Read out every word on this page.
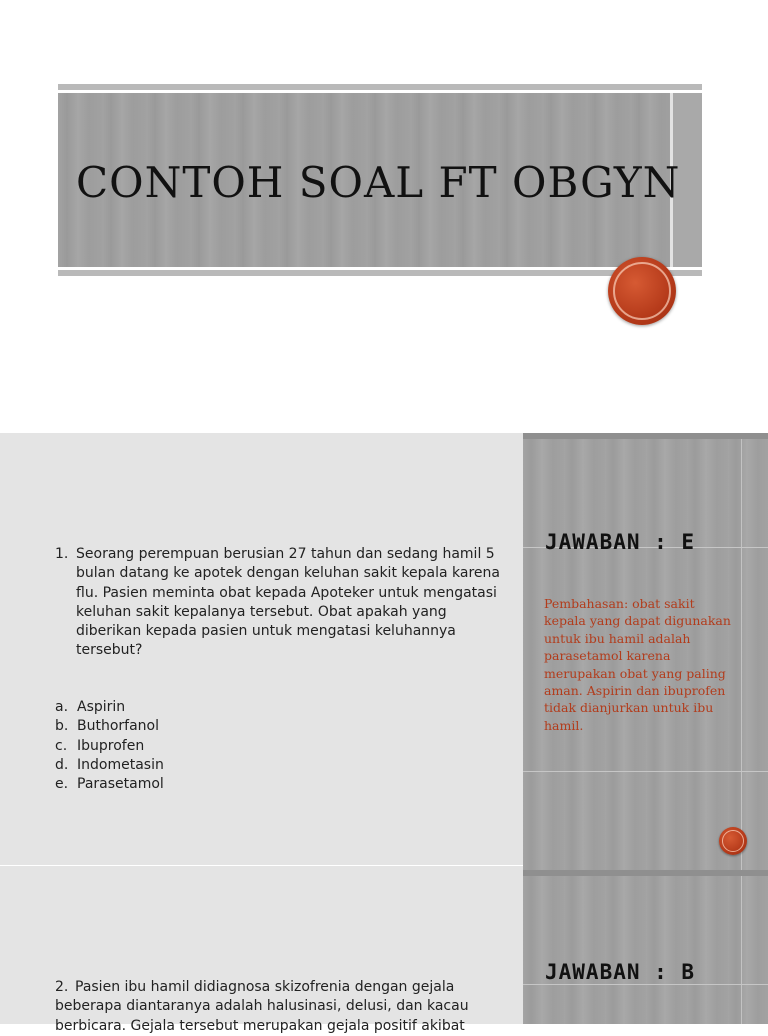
CONTOH SOAL FT OBGYN
1. Seorang perempuan berusian 27 tahun dan sedang hamil 5 bulan datang ke apotek dengan keluhan sakit kepala karena flu. Pasien meminta obat kepada Apoteker untuk mengatasi keluhan sakit kepalanya tersebut. Obat apakah yang diberikan kepada pasien untuk mengatasi keluhannya tersebut?

a. Aspirin
b. Buthorfanol
c. Ibuprofen
d. Indometasin
e. Parasetamol
JAWABAN : E

Pembahasan: obat sakit kepala yang dapat digunakan untuk ibu hamil adalah parasetamol karena merupakan obat yang paling aman. Aspirin dan ibuprofen tidak dianjurkan untuk ibu hamil.

2. Pasien ibu hamil didiagnosa skizofrenia dengan gejala beberapa diantaranya adalah halusinasi, delusi, dan kacau berbicara. Gejala tersebut merupakan gejala positif akibat

JAWABAN : B
